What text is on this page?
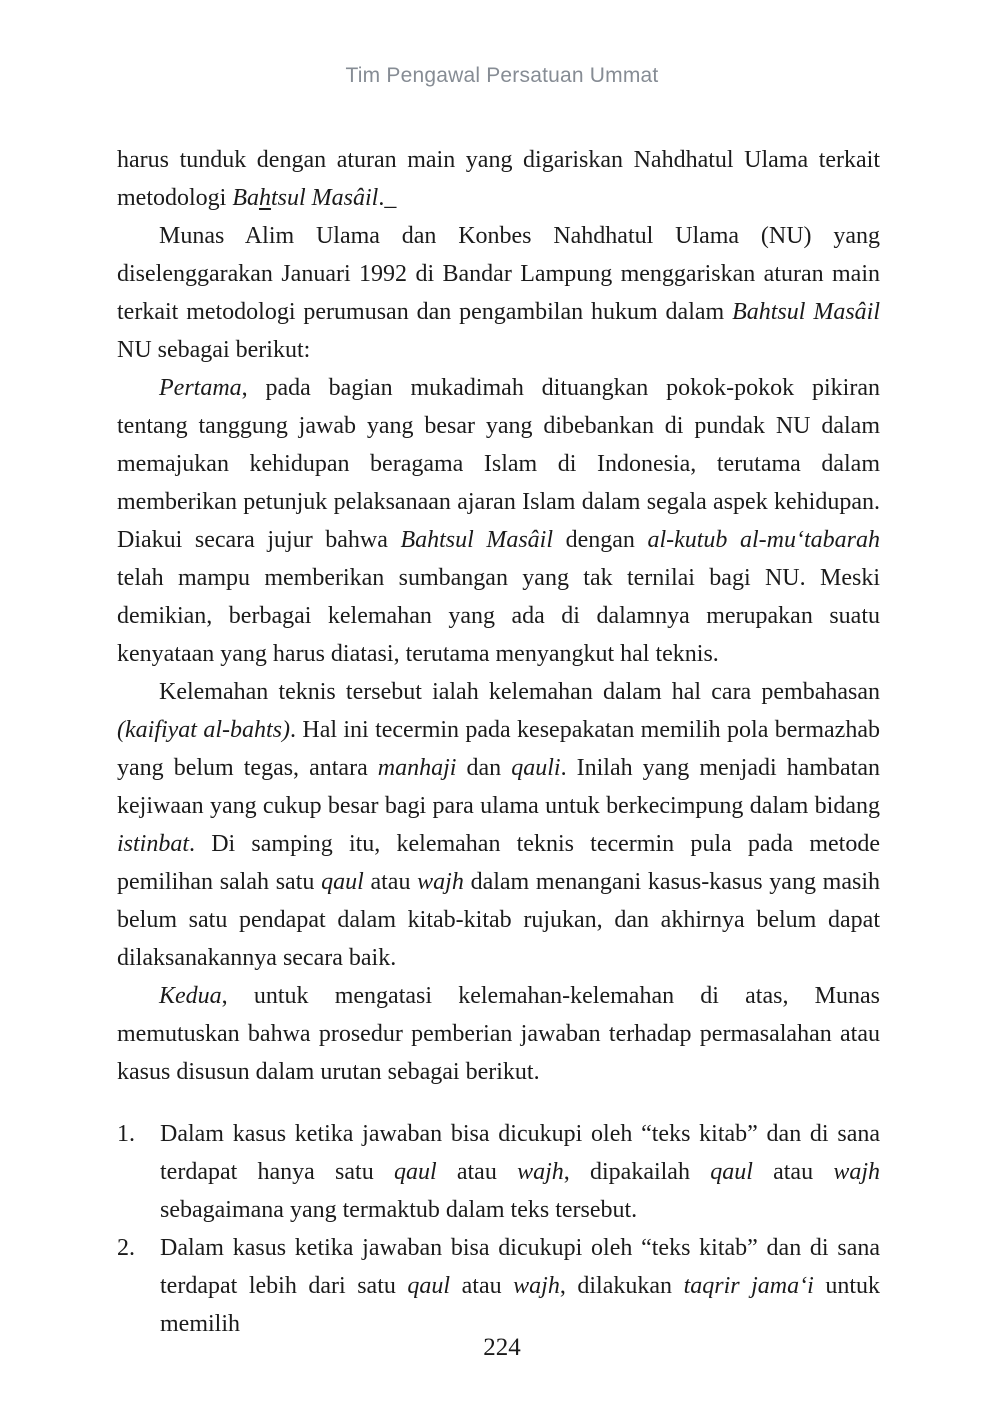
Tim Pengawal Persatuan Ummat

harus tunduk dengan aturan main yang digariskan Nahdhatul Ulama terkait metodologi Bahtsul Masâil._

Munas Alim Ulama dan Konbes Nahdhatul Ulama (NU) yang diselenggarakan Januari 1992 di Bandar Lampung menggariskan aturan main terkait metodologi perumusan dan pengambilan hukum dalam Bahtsul Masâil NU sebagai berikut:

Pertama, pada bagian mukadimah dituangkan pokok-pokok pikiran tentang tanggung jawab yang besar yang dibebankan di pundak NU dalam memajukan kehidupan beragama Islam di Indonesia, terutama dalam memberikan petunjuk pelaksanaan ajaran Islam dalam segala aspek kehidupan. Diakui secara jujur bahwa Bahtsul Masâil dengan al-kutub al-mu‘tabarah telah mampu memberikan sumbangan yang tak ternilai bagi NU. Meski demikian, berbagai kelemahan yang ada di dalamnya merupakan suatu kenyataan yang harus diatasi, terutama menyangkut hal teknis.

Kelemahan teknis tersebut ialah kelemahan dalam hal cara pembahasan (kaifiyat al-bahts). Hal ini tecermin pada kesepakatan memilih pola bermazhab yang belum tegas, antara manhaji dan qauli. Inilah yang menjadi hambatan kejiwaan yang cukup besar bagi para ulama untuk berkecimpung dalam bidang istinbat. Di samping itu, kelemahan teknis tecermin pula pada metode pemilihan salah satu qaul atau wajh dalam menangani kasus-kasus yang masih belum satu pendapat dalam kitab-kitab rujukan, dan akhirnya belum dapat dilaksanakannya secara baik.

Kedua, untuk mengatasi kelemahan-kelemahan di atas, Munas memutuskan bahwa prosedur pemberian jawaban terhadap permasalahan atau kasus disusun dalam urutan sebagai berikut.

1.	Dalam kasus ketika jawaban bisa dicukupi oleh “teks kitab” dan di sana terdapat hanya satu qaul atau wajh, dipakailah qaul atau wajh sebagaimana yang termaktub dalam teks tersebut.
2.	Dalam kasus ketika jawaban bisa dicukupi oleh “teks kitab” dan di sana terdapat lebih dari satu qaul atau wajh, dilakukan taqrir jama‘i untuk memilih
224
